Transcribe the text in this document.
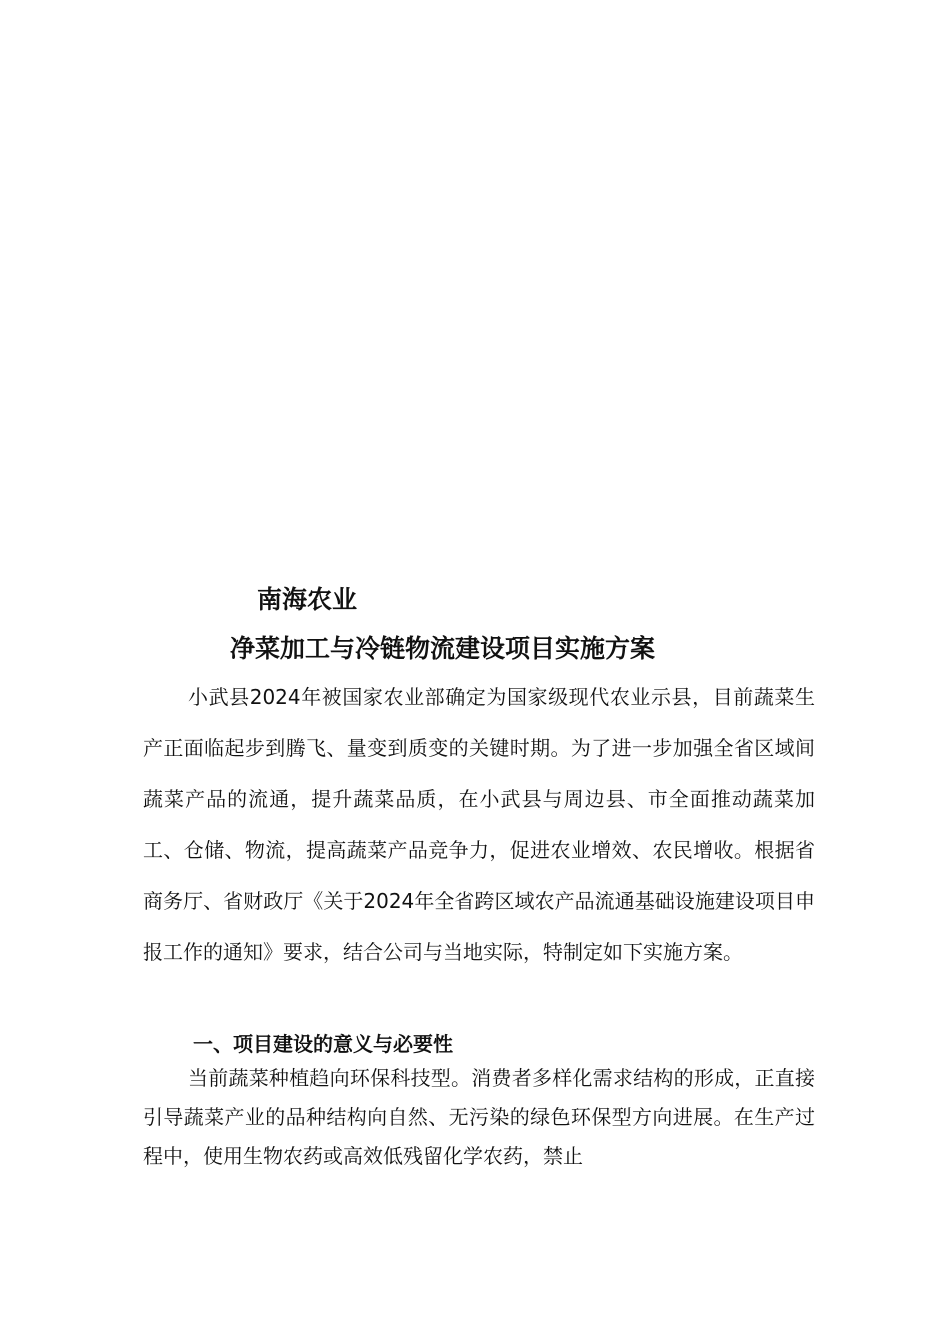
南海农业
净菜加工与冷链物流建设项目实施方案

小武县2024年被国家农业部确定为国家级现代农业示县，目前蔬菜生产正面临起步到腾飞、量变到质变的关键时期。为了进一步加强全省区域间蔬菜产品的流通，提升蔬菜品质，在小武县与周边县、市全面推动蔬菜加工、仓储、物流，提高蔬菜产品竞争力，促进农业增效、农民增收。根据省商务厅、省财政厅《关于2024年全省跨区域农产品流通基础设施建设项目申报工作的通知》要求，结合公司与当地实际，特制定如下实施方案。

一、项目建设的意义与必要性

当前蔬菜种植趋向环保科技型。消费者多样化需求结构的形成，正直接引导蔬菜产业的品种结构向自然、无污染的绿色环保型方向进展。在生产过程中，使用生物农药或高效低残留化学农药，禁止
